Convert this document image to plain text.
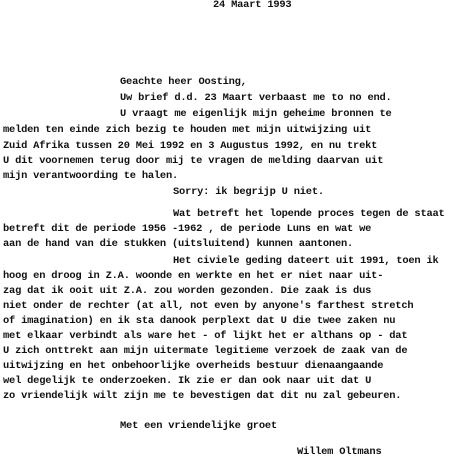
24 Maart 1993
Geachte heer Oosting,
Uw brief d.d. 23 Maart verbaast me to no end.
U vraagt me eigenlijk mijn geheime bronnen te
melden ten einde zich bezig te houden met mijn uitwijzing uit
Zuid Afrika tussen 20 Mei 1992 en 3 Augustus 1992, en nu trekt
U dit voornemen terug door mij te vragen de melding daarvan uit
mijn verantwoording te halen.
Sorry: ik begrijp U niet.
Wat betreft het lopende proces tegen de staat
betreft dit de periode 1956 -1962 , de periode Luns en wat we
aan de hand van die stukken (uitsluitend) kunnen aantonen.
Het civiele geding dateert uit 1991, toen ik
hoog en droog in Z.A. woonde en werkte en het er niet naar uit-
zag dat ik ooit uit Z.A. zou worden gezonden. Die zaak is dus
niet onder de rechter (at all, not even by anyone's farthest stretch
of imagination) en ik sta danook perplext dat U die twee zaken nu
met elkaar verbindt als ware het - of lijkt het er althans op - dat
U zich onttrekt aan mijn uitermate legitieme verzoek de zaak van de
uitwijzing en het onbehoorlijke overheids bestuur dienaangaande
wel degelijk te onderzoeken. Ik zie er dan ook naar uit dat U
zo vriendelijk wilt zijn me te bevestigen dat dit nu zal gebeuren.
Met een vriendelijke groet
Willem Oltmans
